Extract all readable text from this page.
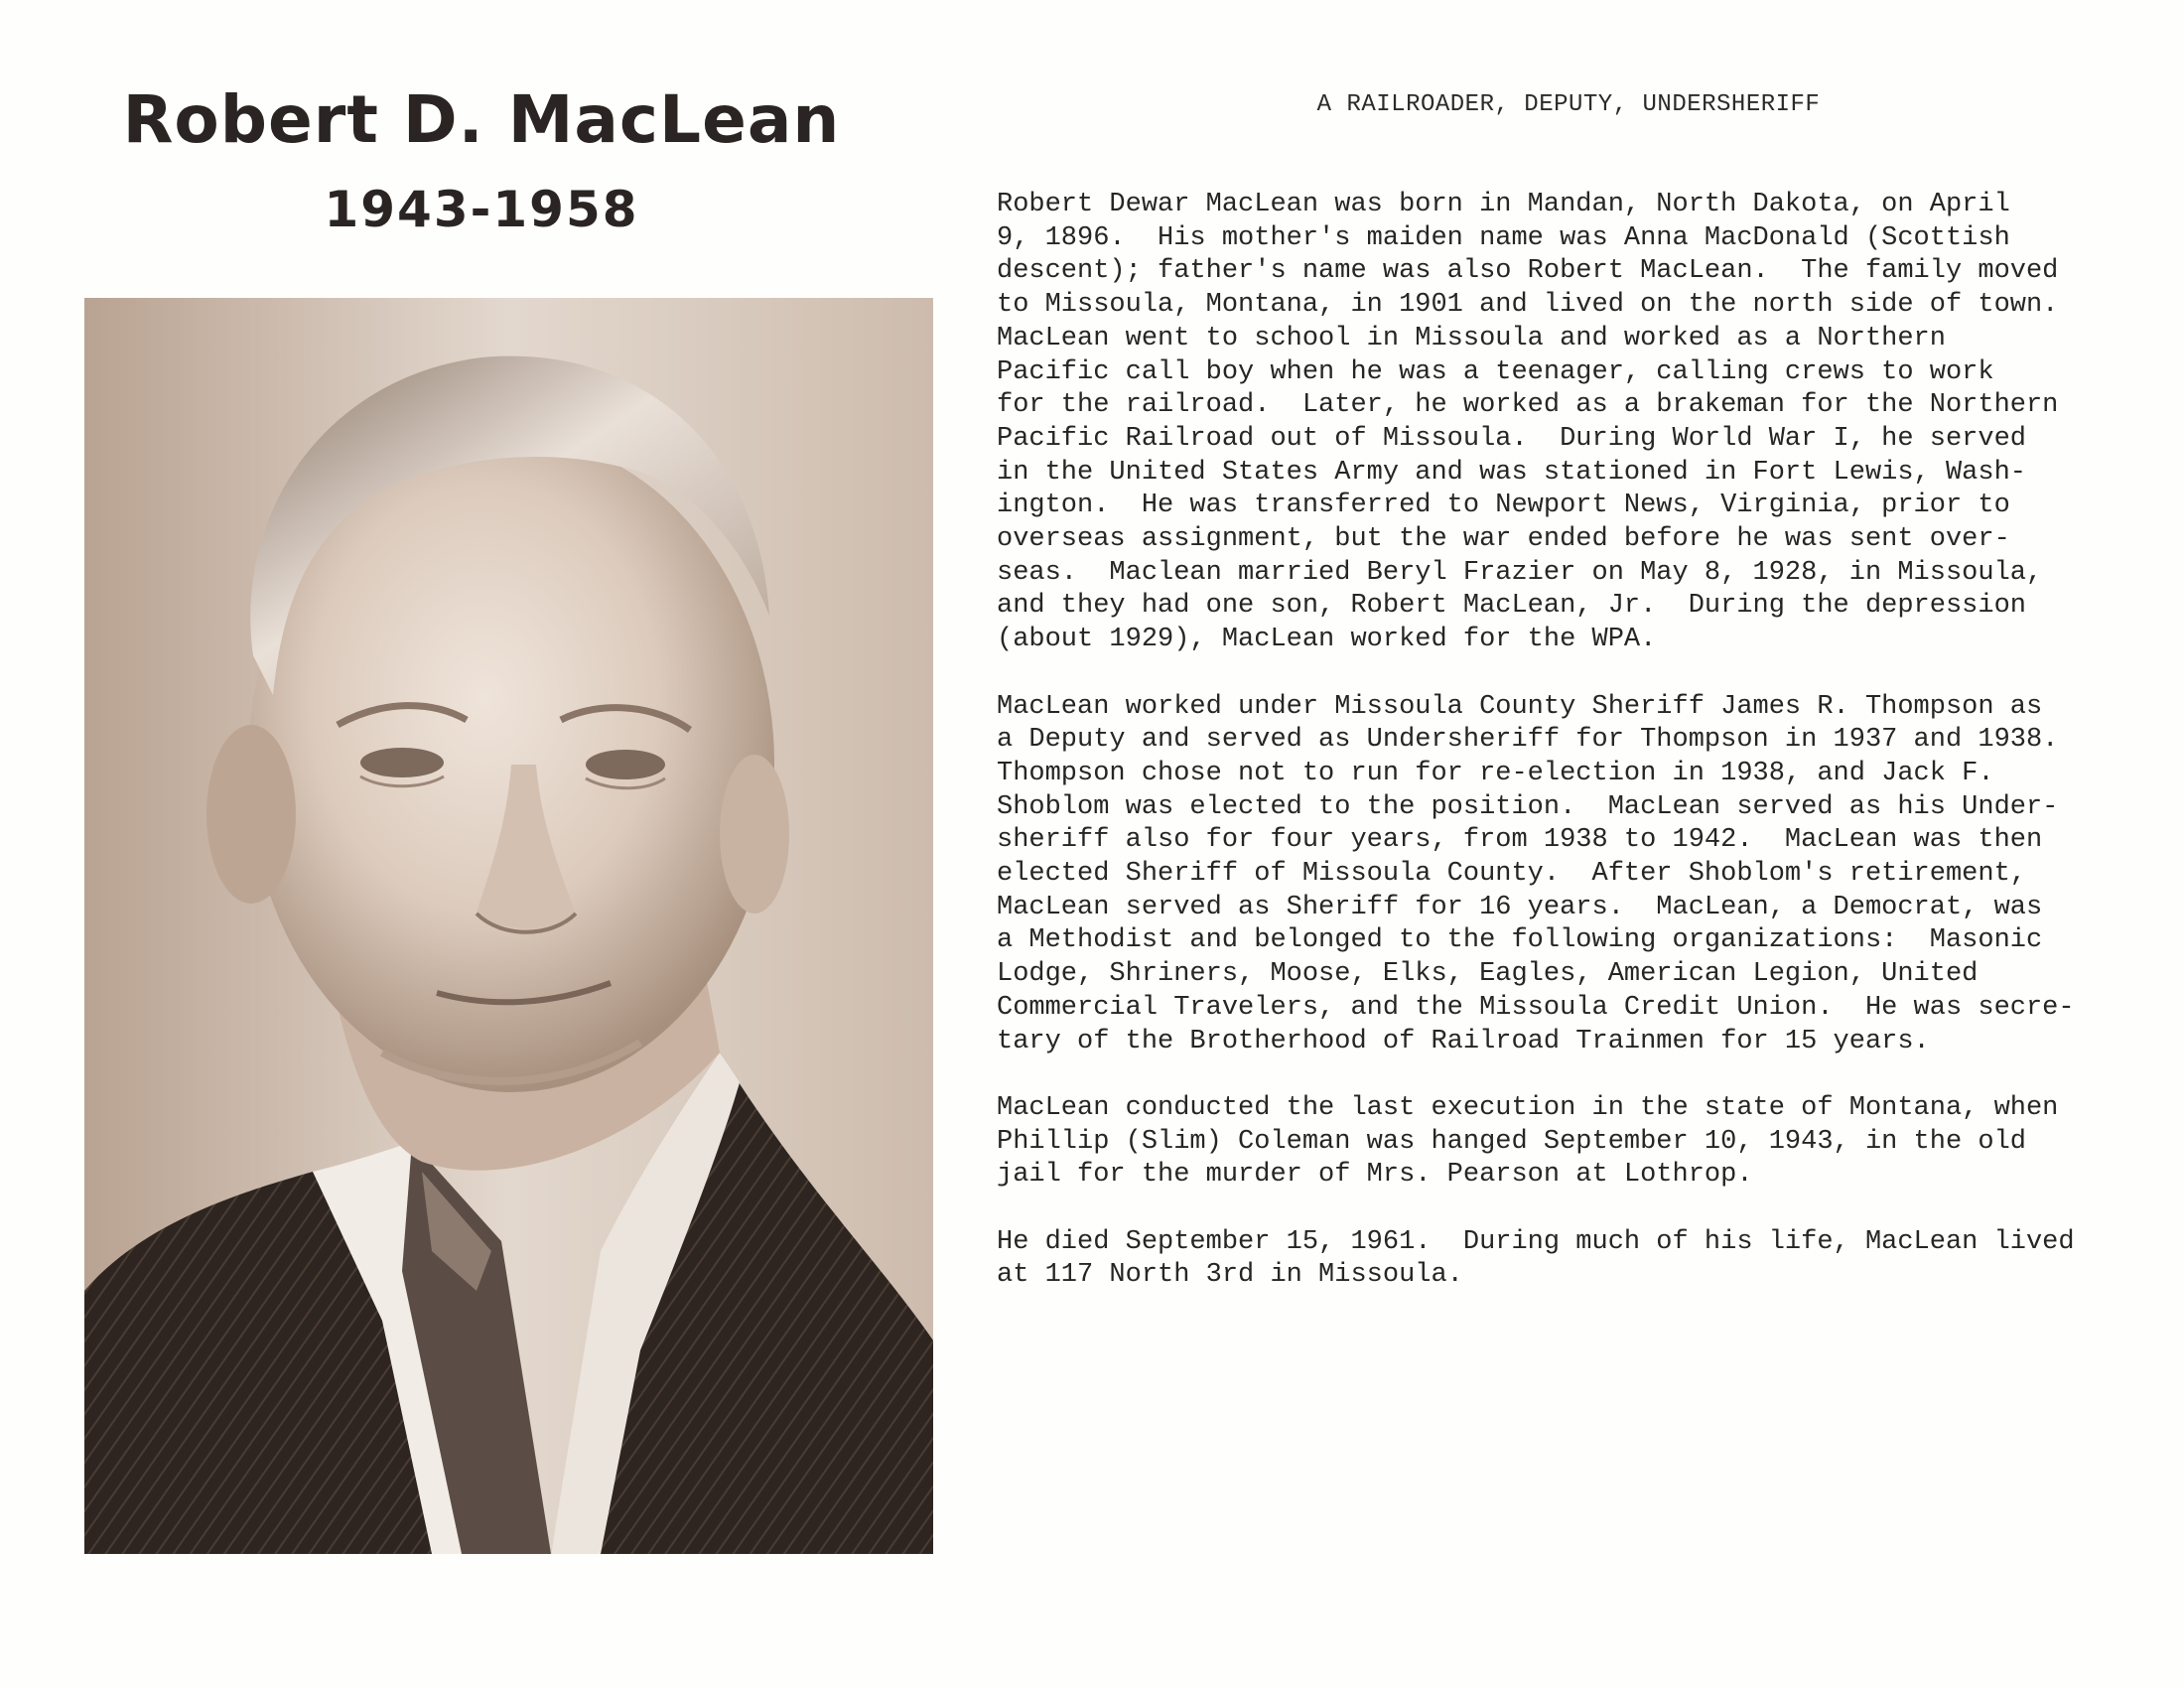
Robert D. MacLean
1943-1958
A RAILROADER, DEPUTY, UNDERSHERIFF

Robert Dewar MacLean was born in Mandan, North Dakota, on April
9, 1896.  His mother's maiden name was Anna MacDonald (Scottish
descent); father's name was also Robert MacLean.  The family moved
to Missoula, Montana, in 1901 and lived on the north side of town.
MacLean went to school in Missoula and worked as a Northern
Pacific call boy when he was a teenager, calling crews to work
for the railroad.  Later, he worked as a brakeman for the Northern
Pacific Railroad out of Missoula.  During World War I, he served
in the United States Army and was stationed in Fort Lewis, Wash-
ington.  He was transferred to Newport News, Virginia, prior to
overseas assignment, but the war ended before he was sent over-
seas.  Maclean married Beryl Frazier on May 8, 1928, in Missoula,
and they had one son, Robert MacLean, Jr.  During the depression
(about 1929), MacLean worked for the WPA.

MacLean worked under Missoula County Sheriff James R. Thompson as
a Deputy and served as Undersheriff for Thompson in 1937 and 1938.
Thompson chose not to run for re-election in 1938, and Jack F.
Shoblom was elected to the position.  MacLean served as his Under-
sheriff also for four years, from 1938 to 1942.  MacLean was then
elected Sheriff of Missoula County.  After Shoblom's retirement,
MacLean served as Sheriff for 16 years.  MacLean, a Democrat, was
a Methodist and belonged to the following organizations:  Masonic
Lodge, Shriners, Moose, Elks, Eagles, American Legion, United
Commercial Travelers, and the Missoula Credit Union.  He was secre-
tary of the Brotherhood of Railroad Trainmen for 15 years.

MacLean conducted the last execution in the state of Montana, when
Phillip (Slim) Coleman was hanged September 10, 1943, in the old
jail for the murder of Mrs. Pearson at Lothrop.

He died September 15, 1961.  During much of his life, MacLean lived
at 117 North 3rd in Missoula.
